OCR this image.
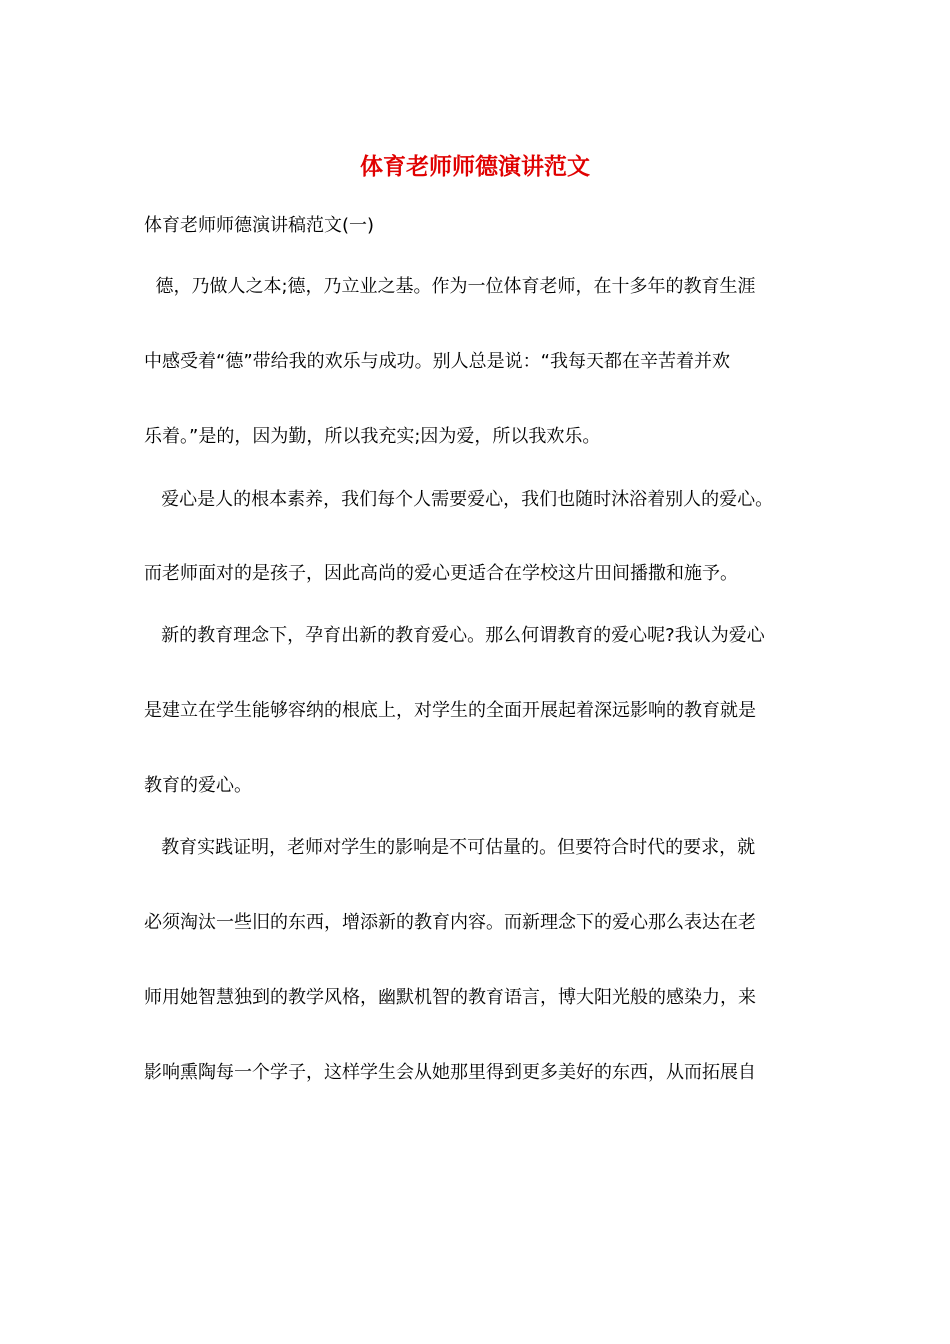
体育老师师德演讲范文

体育老师师德演讲稿范文(一)

德，乃做人之本;德，乃立业之基。作为一位体育老师，在十多年的教育生涯

中感受着“德”带给我的欢乐与成功。别人总是说：“我每天都在辛苦着并欢

乐着。”是的，因为勤，所以我充实;因为爱，所以我欢乐。

爱心是人的根本素养，我们每个人需要爱心，我们也随时沐浴着别人的爱心。

而老师面对的是孩子，因此高尚的爱心更适合在学校这片田间播撒和施予。

新的教育理念下，孕育出新的教育爱心。那么何谓教育的爱心呢?我认为爱心

是建立在学生能够容纳的根底上，对学生的全面开展起着深远影响的教育就是

教育的爱心。

教育实践证明，老师对学生的影响是不可估量的。但要符合时代的要求，就

必须淘汰一些旧的东西，增添新的教育内容。而新理念下的爱心那么表达在老

师用她智慧独到的教学风格，幽默机智的教育语言，博大阳光般的感染力，来

影响熏陶每一个学子，这样学生会从她那里得到更多美好的东西，从而拓展自
